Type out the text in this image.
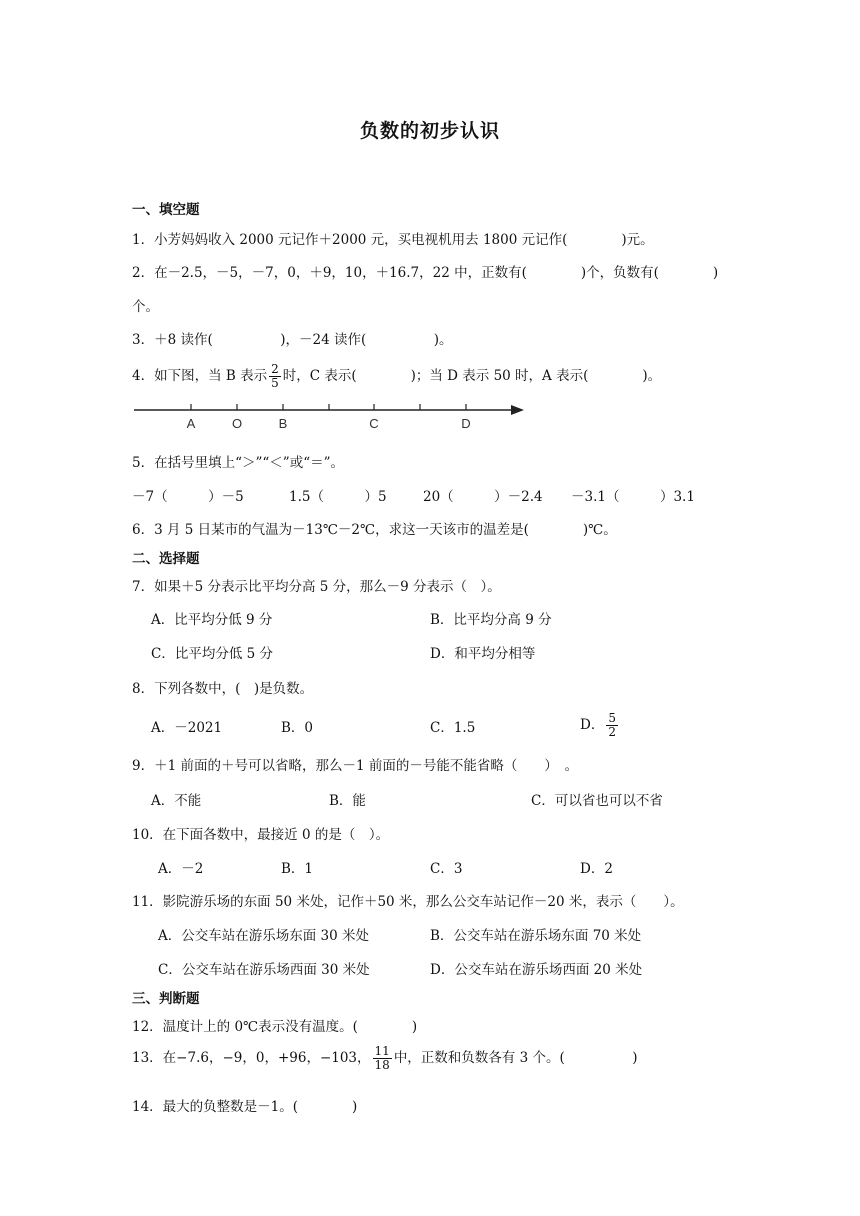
负数的初步认识
一、填空题
1．小芳妈妈收入 2000 元记作＋2000 元，买电视机用去 1800 元记作(　　　　)元。
2．在－2.5，－5，－7，0，＋9，10，＋16.7，22 中，正数有(　　　　)个，负数有(　　　　)
个。
3．＋8 读作(　　　　　)，－24 读作(　　　　　)。
4．如下图，当 B 表示 $\frac{2}{5}$ 时，C 表示(　　　　)；当 D 表示 50 时，A 表示(　　　　)。
A	O	B	C	D
5．在括号里填上“＞”“＜”或“＝”。
－7（　　　）－5	1.5（　　　）5	20（　　　）－2.4 －3.1（　　　）3.1
6．3 月 5 日某市的气温为－13℃－2℃，求这一天该市的温差是(　　　　)℃。
二、选择题
7．如果＋5 分表示比平均分高 5 分，那么－9 分表示（　）。
A．比平均分低 9 分	B．比平均分高 9 分
C．比平均分低 5 分	D．和平均分相等
8．下列各数中，(　)是负数。
A．－2021	B．0	C．1.5	D． $\frac{5}{2}$
9．＋1 前面的＋号可以省略，那么－1 前面的－号能不能省略（　　）　。
A．不能	B．能	C．可以省也可以不省
10．在下面各数中，最接近 0 的是（　）。
A．－2	B．1	C．3	D．2
11．影院游乐场的东面 50 米处，记作＋50 米，那么公交车站记作－20 米，表示（　　）。
A．公交车站在游乐场东面 30 米处	B．公交车站在游乐场东面 70 米处
C．公交车站在游乐场西面 30 米处	D．公交车站在游乐场西面 20 米处
三、判断题
12．温度计上的 0℃表示没有温度。(　　　　)
13．在−7.6，−9，0，+96，−103， $\frac{11}{18}$ 中，正数和负数各有 3 个。(　　　　　)
14．最大的负整数是－1。(　　　　)
